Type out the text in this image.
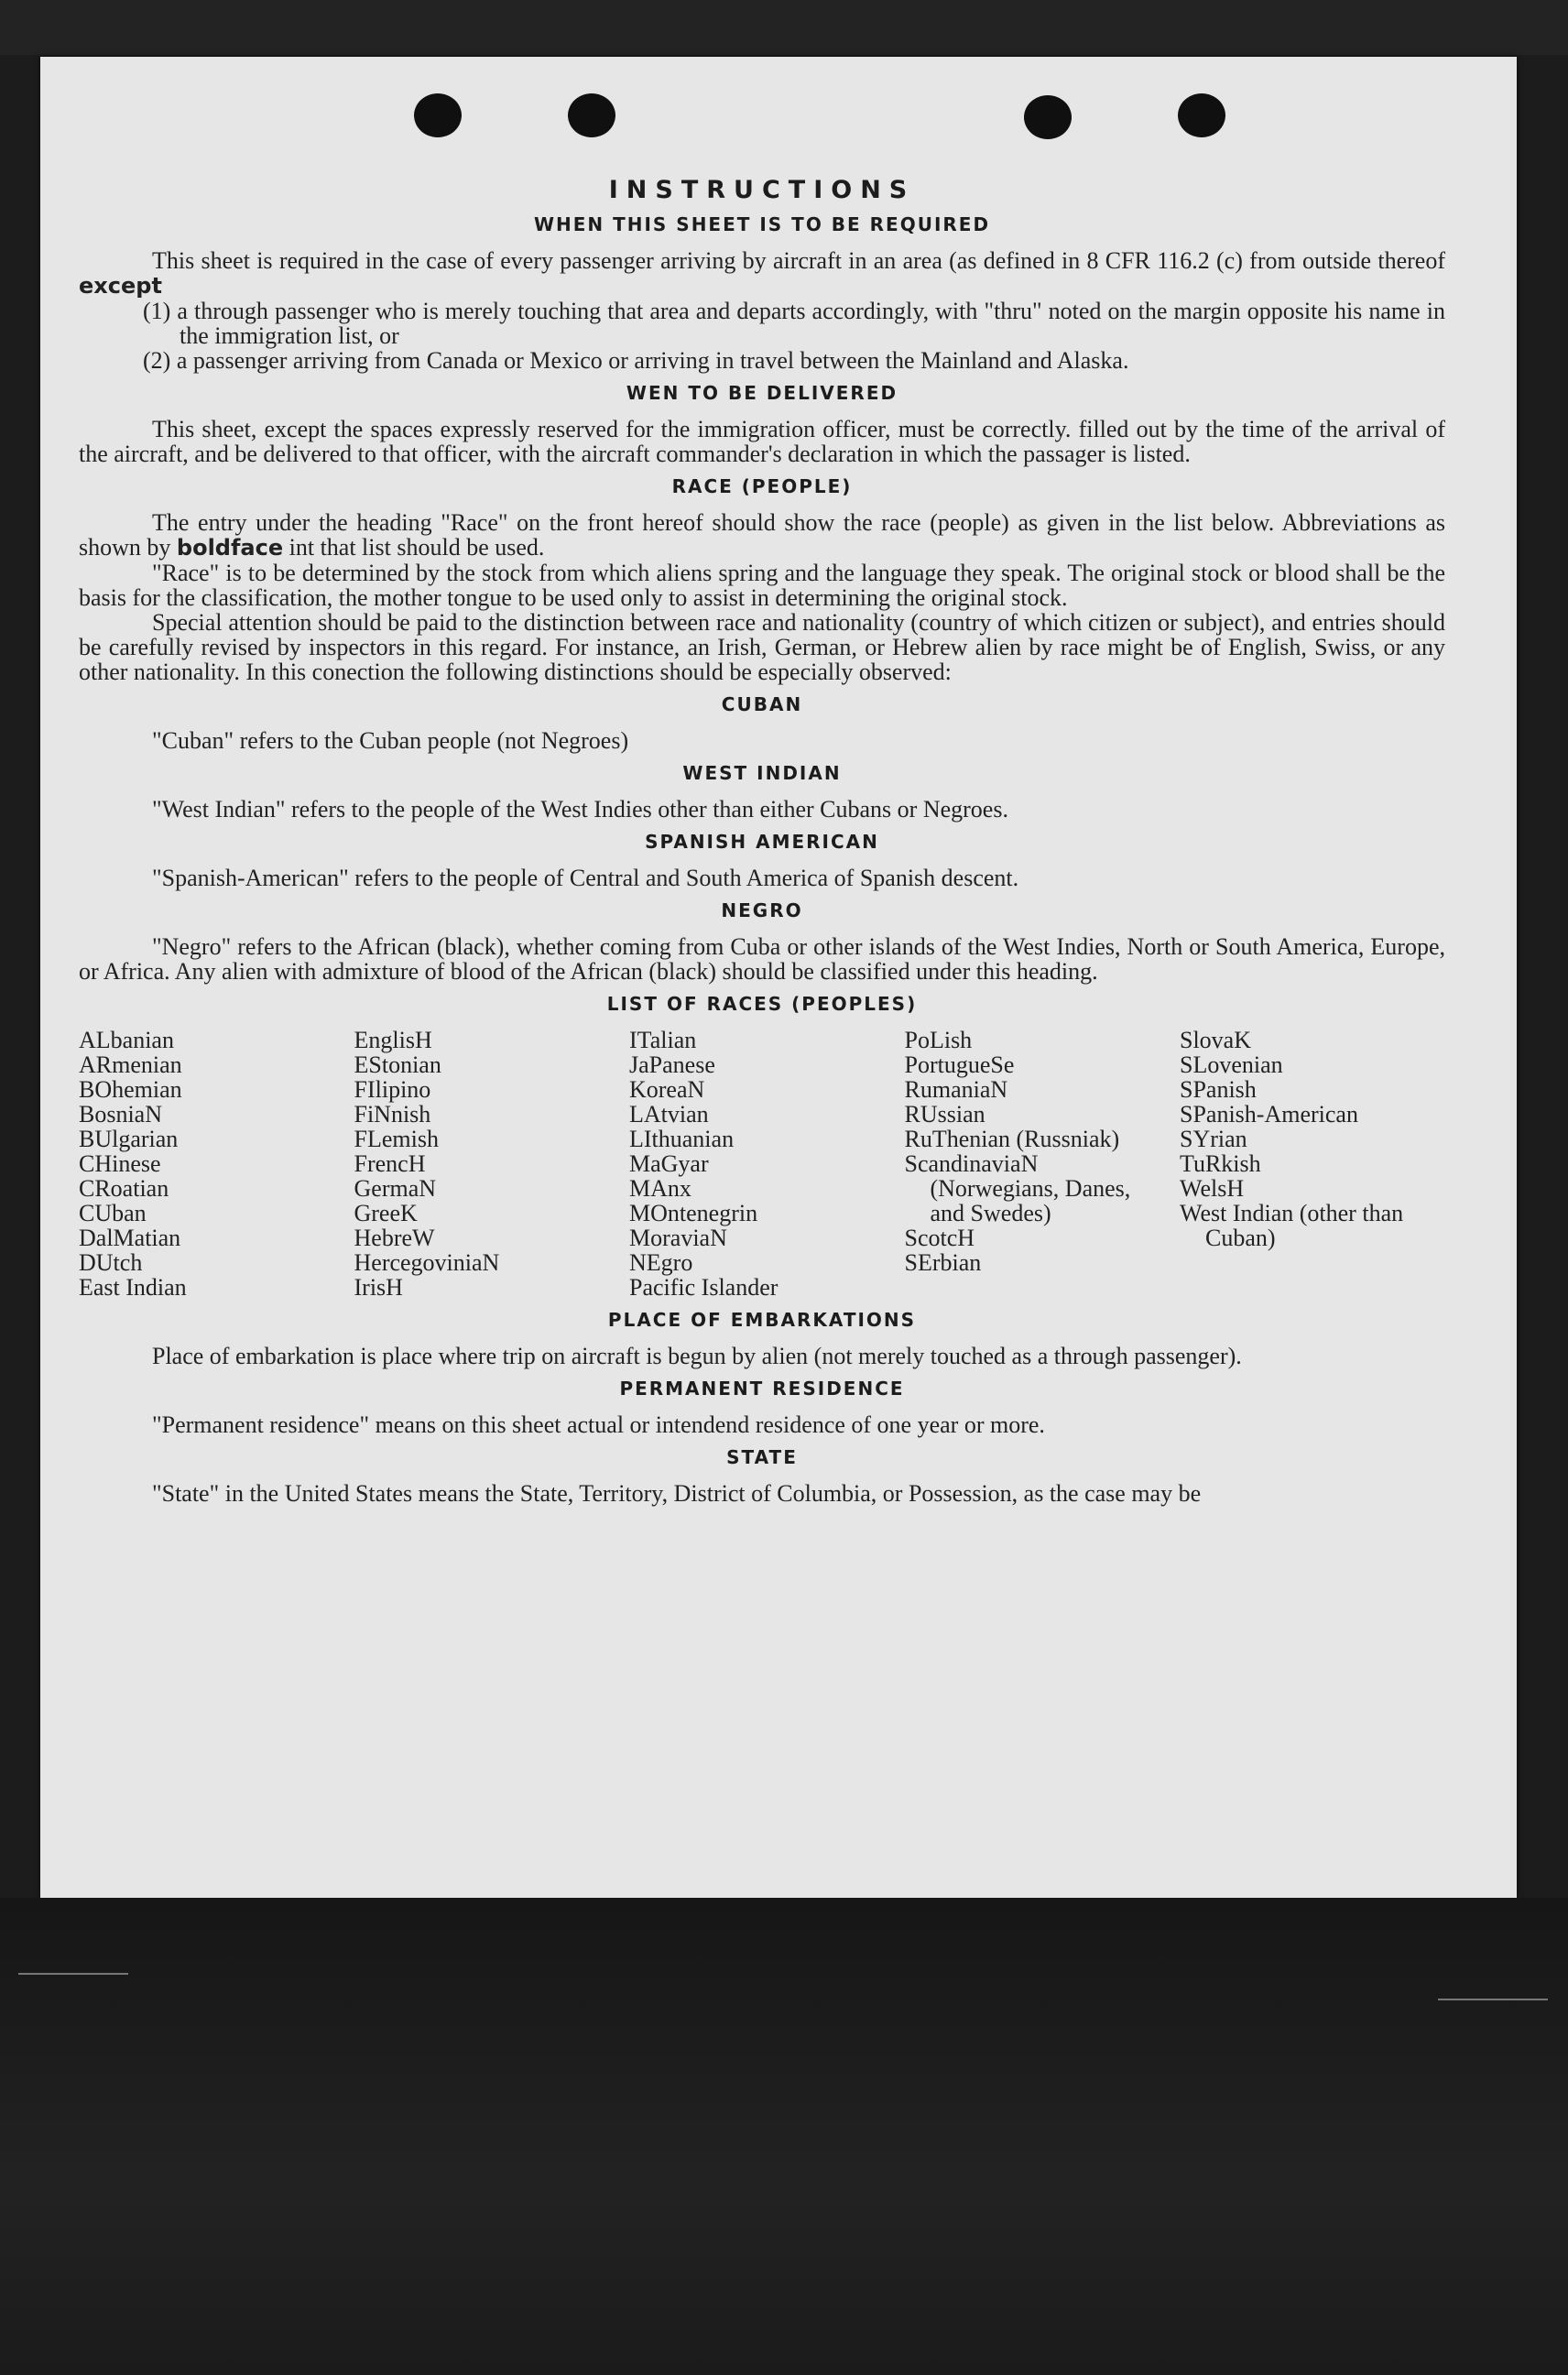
INSTRUCTIONS
WHEN THIS SHEET IS TO BE REQUIRED

This sheet is required in the case of every passenger arriving by aircraft in an area (as defined in 8 CFR 116.2 (c) from outside thereof except

(1) a through passenger who is merely touching that area and departs accordingly, with "thru" noted on the margin opposite his name in the immigration list, or

(2) a passenger arriving from Canada or Mexico or arriving in travel between the Mainland and Alaska.

WEN TO BE DELIVERED

This sheet, except the spaces expressly reserved for the immigration officer, must be correctly. filled out by the time of the arrival of the aircraft, and be delivered to that officer, with the aircraft commander's declaration in which the passager is listed.

RACE (PEOPLE)

The entry under the heading "Race" on the front hereof should show the race (people) as given in the list below. Abbreviations as shown by boldface int that list should be used.

"Race" is to be determined by the stock from which aliens spring and the language they speak. The original stock or blood shall be the basis for the classification, the mother tongue to be used only to assist in determining the original stock.

Special attention should be paid to the distinction between race and nationality (country of which citizen or subject), and entries should be carefully revised by inspectors in this regard. For instance, an Irish, German, or Hebrew alien by race might be of English, Swiss, or any other nationality. In this conection the following distinctions should be especially observed:

CUBAN

"Cuban" refers to the Cuban people (not Negroes)

WEST INDIAN

"West Indian" refers to the people of the West Indies other than either Cubans or Negroes.

SPANISH AMERICAN

"Spanish-American" refers to the people of Central and South America of Spanish descent.

NEGRO

"Negro" refers to the African (black), whether coming from Cuba or other islands of the West Indies, North or South America, Europe, or Africa. Any alien with admixture of blood of the African (black) should be classified under this heading.

LIST OF RACES (PEOPLES)
ALbanian
ARmenian
BOhemian
BosniaN
BUlgarian
CHinese
CRoatian
CUban
DalMatian
DUtch
East Indian
EnglisH
EStonian
FIlipino
FiNnish
FLemish
FrencH
GermaN
GreeK
HebreW
HercegoviniaN
IrisH
ITalian
JaPanese
KoreaN
LAtvian
LIthuanian
MaGyar
MAnx
MOntenegrin
MoraviaN
NEgro
Pacific Islander
PoLish
PortugueSe
RumaniaN
RUssian
RuThenian (Russniak)
ScandinaviaN (Norwegians, Danes, and Swedes)
ScotcH
SErbian
SlovaK
SLovenian
SPanish
SPanish-American
SYrian
TuRkish
WelsH
West Indian (other than Cuban)
PLACE OF EMBARKATIONS

Place of embarkation is place where trip on aircraft is begun by alien (not merely touched as a through passenger).

PERMANENT RESIDENCE

"Permanent residence" means on this sheet actual or intendend residence of one year or more.

STATE

"State" in the United States means the State, Territory, District of Columbia, or Possession, as the case may be
